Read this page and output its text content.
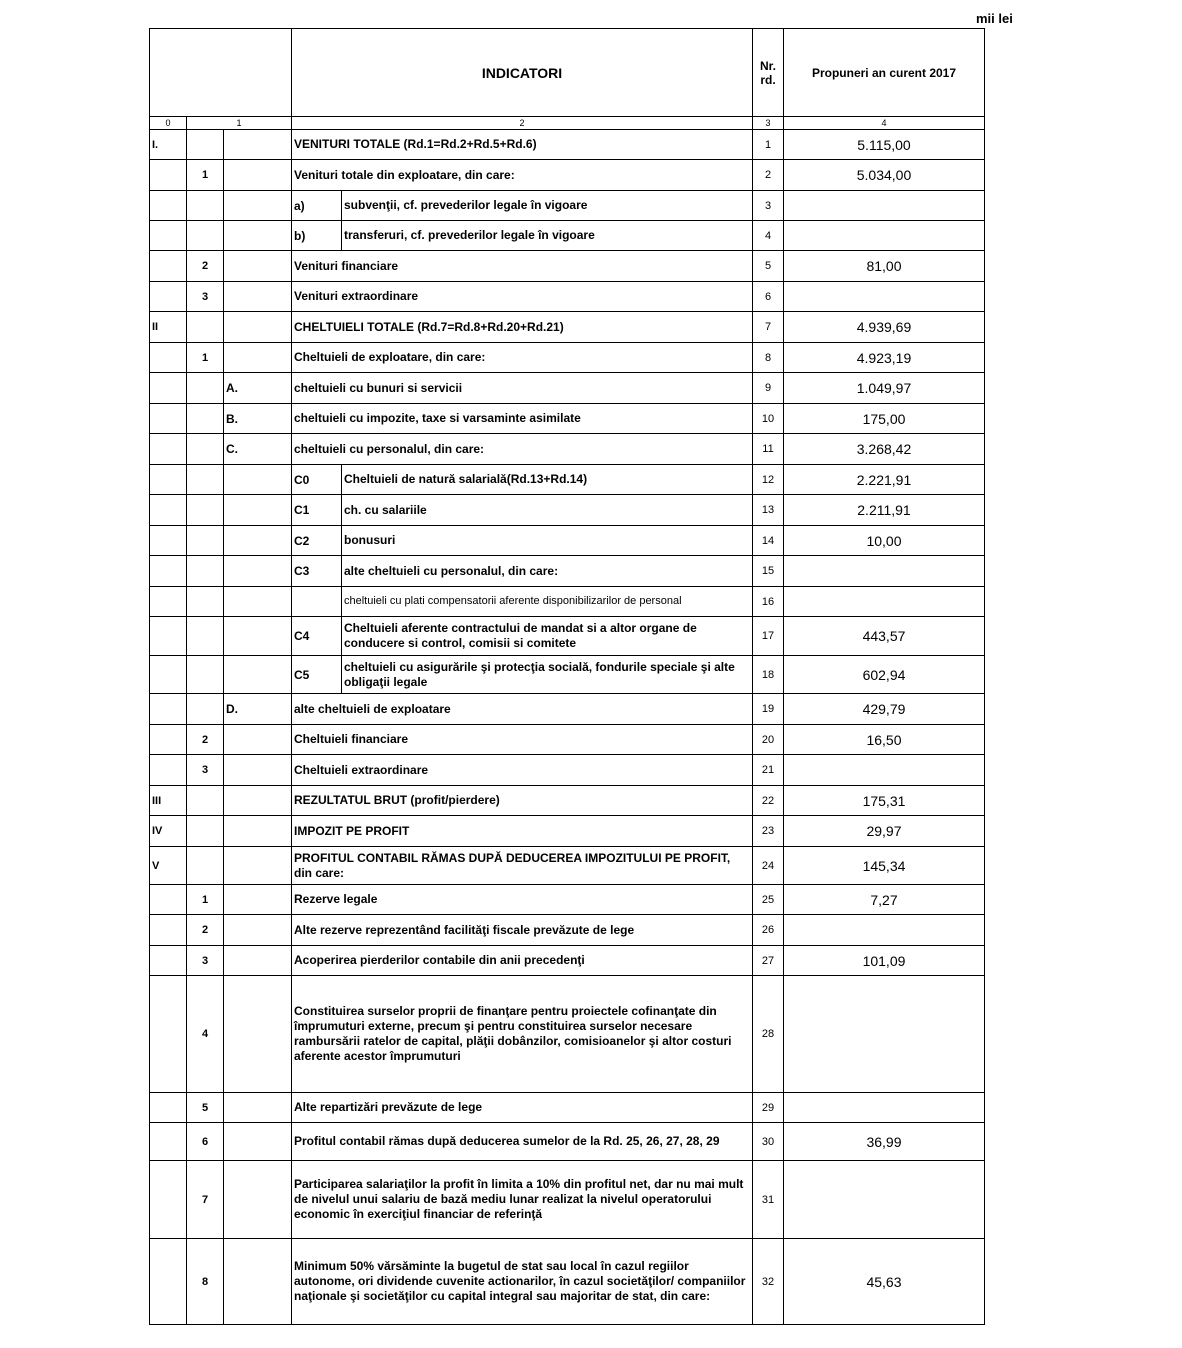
mii lei
			INDICATORI		Nr. rd.	Propuneri an curent 2017
0	1		2		3	4
I.			VENITURI TOTALE (Rd.1=Rd.2+Rd.5+Rd.6)		1	5.115,00
	1		Venituri totale din exploatare, din care:		2	5.034,00
			a)	subvenţii, cf. prevederilor legale în vigoare	3	
			b)	transferuri, cf. prevederilor legale în vigoare	4	
	2		Venituri financiare		5	81,00
	3		Venituri extraordinare		6	
II			CHELTUIELI TOTALE (Rd.7=Rd.8+Rd.20+Rd.21)		7	4.939,69
	1		Cheltuieli de exploatare, din care:		8	4.923,19
		A.	cheltuieli cu bunuri si servicii		9	1.049,97
		B.	cheltuieli cu impozite, taxe si varsaminte asimilate		10	175,00
		C.	cheltuieli cu personalul, din care:		11	3.268,42
			C0	Cheltuieli de natură salarială(Rd.13+Rd.14)	12	2.221,91
			C1	ch. cu salariile	13	2.211,91
			C2	bonusuri	14	10,00
			C3	alte cheltuieli cu personalul, din care:	15	
				cheltuieli cu plati compensatorii aferente disponibilizarilor de personal	16	
			C4	Cheltuieli aferente contractului de mandat si a altor organe de conducere si control, comisii si comitete	17	443,57
			C5	cheltuieli cu asigurările şi protecţia socială, fondurile speciale şi alte obligaţii legale	18	602,94
		D.	alte cheltuieli de exploatare		19	429,79
	2		Cheltuieli financiare		20	16,50
	3		Cheltuieli extraordinare		21	
III			REZULTATUL BRUT (profit/pierdere)		22	175,31
IV			IMPOZIT PE PROFIT		23	29,97
V			PROFITUL CONTABIL RĂMAS DUPĂ DEDUCEREA IMPOZITULUI PE PROFIT, din care:		24	145,34
	1		Rezerve legale		25	7,27
	2		Alte rezerve reprezentând facilităţi fiscale prevăzute de lege		26	
	3		Acoperirea pierderilor contabile din anii precedenţi		27	101,09
	4		Constituirea surselor proprii de finanţare pentru proiectele cofinanţate din împrumuturi externe, precum şi pentru constituirea surselor necesare rambursării ratelor de capital, plăţii dobânzilor, comisioanelor şi altor costuri aferente acestor împrumuturi		28	
	5		Alte repartizări prevăzute de lege		29	
	6		Profitul contabil rămas după deducerea sumelor de la Rd. 25, 26, 27, 28, 29		30	36,99
	7		Participarea salariaţilor la profit în limita a 10% din profitul net, dar nu mai mult de nivelul unui salariu de bază mediu lunar realizat la nivelul operatorului economic în exerciţiul financiar de referinţă		31	
	8		Minimum 50% vărsăminte la bugetul de stat sau local în cazul regiilor autonome, ori dividende cuvenite actionarilor, în cazul societăţilor/ companiilor naţionale şi societăţilor cu capital integral sau majoritar de stat, din care:		32	45,63
